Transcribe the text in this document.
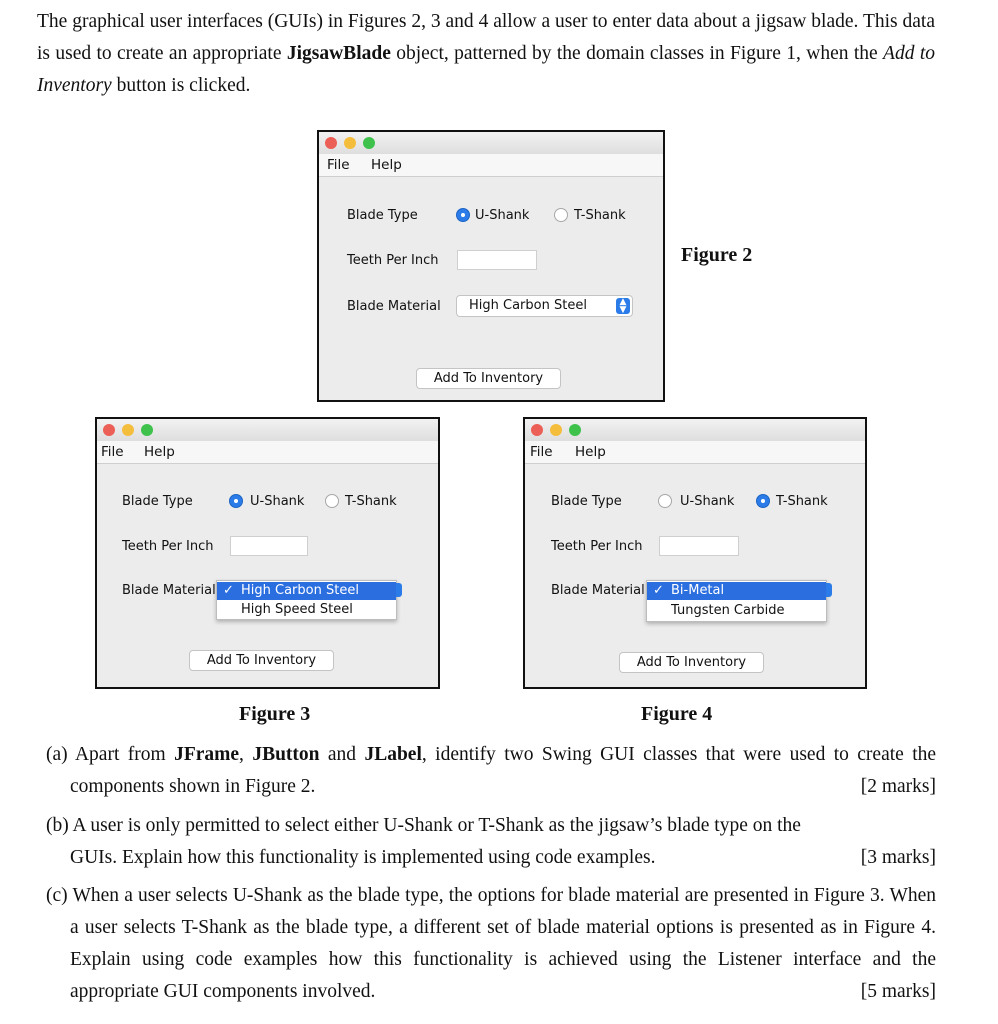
The graphical user interfaces (GUIs) in Figures 2, 3 and 4 allow a user to enter data about a jigsaw blade. This data is used to create an appropriate JigsawBlade object, patterned by the domain classes in Figure 1, when the Add to Inventory button is clicked.

File Help
Blade Type	U-Shank	T-Shank
Teeth Per Inch
Blade Material High Carbon Steel	▲
▼
Add To Inventory
Figure 2
File Help
Blade Type	U-Shank	T-Shank
Teeth Per Inch
Blade Material ✓ High Carbon Steel
High Speed Steel
Add To Inventory
Figure 3
File Help
Blade Type	U-Shank	T-Shank
Teeth Per Inch
Blade Material ✓ Bi-Metal
Tungsten Carbide
Add To Inventory
Figure 4
(a) Apart from JFrame, JButton and JLabel, identify two Swing GUI classes that were used to create the components shown in Figure 2.	[2 marks]
(b) A user is only permitted to select either U-Shank or T-Shank as the jigsaw’s blade type on the GUIs. Explain how this functionality is implemented using code examples.	[3 marks]
(c) When a user selects U-Shank as the blade type, the options for blade material are presented in Figure 3. When a user selects T-Shank as the blade type, a different set of blade material options is presented as in Figure 4. Explain using code examples how this functionality is achieved using the Listener interface and the appropriate GUI components involved.	[5 marks]
